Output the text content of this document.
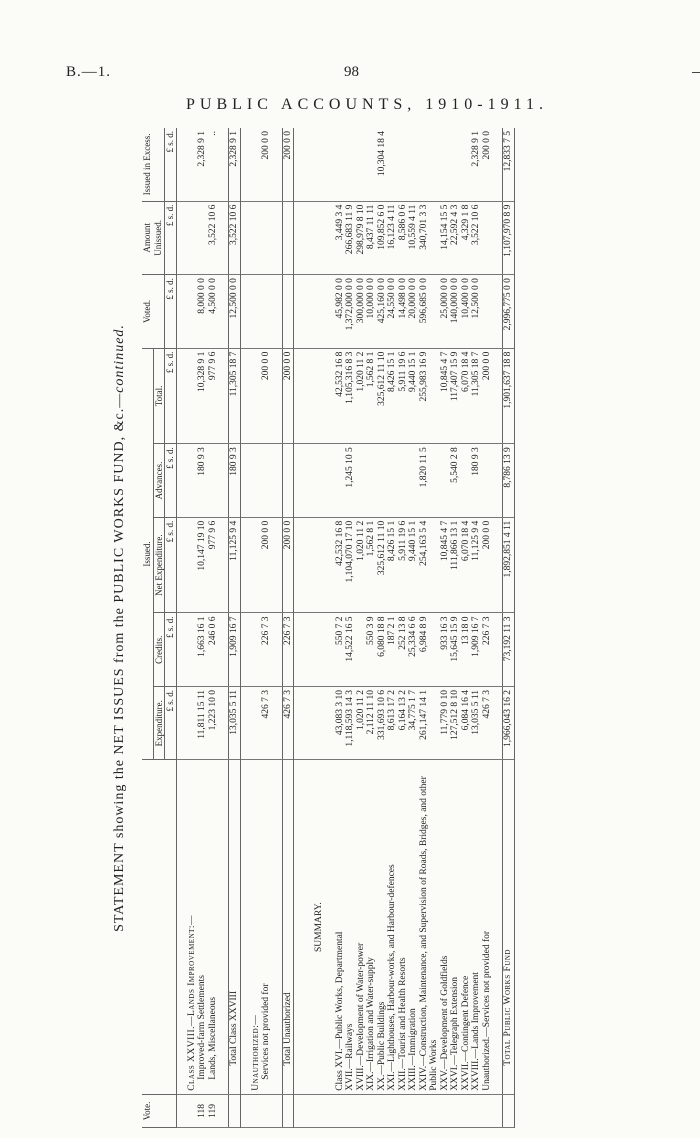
B.—1.	98
PUBLIC ACCOUNTS, 1910-1911.
STATEMENT showing the NET ISSUES from the PUBLIC WORKS FUND, &c.—continued.
Vote.		Issued.					Voted.	Amount Unissued.	Issued in Excess.
		Expenditure.	Credits.	Net Expenditure.	Advances.	Total.			
		£ s. d.	£ s. d.	£ s. d.	£ s. d.	£ s. d.	£ s. d.	£ s. d.	£ s. d.

	Class XXVIII.—Lands Improvement:—								
118	Improved-farm Settlements	11,811 15 11	1,663 16 1	10,147 19 10	180 9 3	10,328 9 1	8,000 0 0		2,328 9 1
119	Lands, Miscellaneous	1,223 10 0	246 0 6	977 9 6		977 9 6	4,500 0 0	3,522 10 6	..

	Total Class XXVIII	13,035 5 11	1,909 16 7	11,125 9 4	180 9 3	11,305 18 7	12,500 0 0	3,522 10 6	2,328 9 1

	Unauthorized:—								
	Services not provided for	426 7 3	226 7 3	200 0 0		200 0 0			200 0 0

	Total Unauthorized	426 7 3	226 7 3	200 0 0		200 0 0			200 0 0

	SUMMARY.								

	Class XVI.—Public Works, Departmental	43,083 3 10	550 7 2	42,532 16 8		42,532 16 8	45,982 0 0	3,449 3 4	
	XVII.—Railways	1,118,593 14 3	14,522 16 5	1,104,070 17 10	1,245 10 5	1,105,316 8 3	1,372,000 0 0	266,683 11 9	
	XVIII.—Development of Water-power	1,020 11 2		1,020 11 2		1,020 11 2	300,000 0 0	298,979 8 10	
	XIX.—Irrigation and Water-supply	2,112 11 10	550 3 9	1,562 8 1		1,562 8 1	10,000 0 0	8,437 11 11	
	XX.—Public Buildings	331,693 10 6	6,080 18 8	325,612 11 10		325,612 11 10	425,160 0 0	109,852 6 0	10,304 18 4
	XXI.—Lighthouses, Harbour-works, and Harbour-defences	8,613 17 2	187 2 1	8,426 15 1		8,426 15 1	24,550 0 0	16,123 4 11	
	XXII.—Tourist and Health Resorts	6,164 13 2	252 13 8	5,911 19 6		5,911 19 6	14,498 0 0	8,586 0 6	
	XXIII.—Immigration	34,775 1 7	25,334 6 6	9,440 15 1		9,440 15 1	20,000 0 0	10,559 4 11	
	XXIV.—Construction, Maintenance, and Supervision of Roads, Bridges, and other Public Works	261,147 14 1	6,984 8 9	254,163 5 4	1,820 11 5	255,983 16 9	596,685 0 0	340,701 3 3	
	XXV.—Development of Goldfields	11,779 0 10	933 16 3	10,845 4 7		10,845 4 7	25,000 0 0	14,154 15 5	
	XXVI.—Telegraph Extension	127,512 8 10	15,645 15 9	111,866 13 1	5,540 2 8	117,407 15 9	140,000 0 0	22,592 4 3	
	XXVII.—Contingent Defence	6,084 16 4	13 18 0	6,070 18 4		6,070 18 4	10,400 0 0	4,329 1 8	
	XXVIII.—Lands Improvement	13,035 5 11	1,909 16 7	11,125 9 4	180 9 3	11,305 18 7	12,500 0 0	3,522 10 6	2,328 9 1
	Unauthorized.—Services not provided for	426 7 3	226 7 3	200 0 0		200 0 0			200 0 0

	Total Public Works Fund	1,966,043 16 2	73,192 11 3	1,892,851 4 11	8,786 13 9	1,901,637 18 8	2,996,775 0 0	1,107,970 8 9	12,833 7 5
